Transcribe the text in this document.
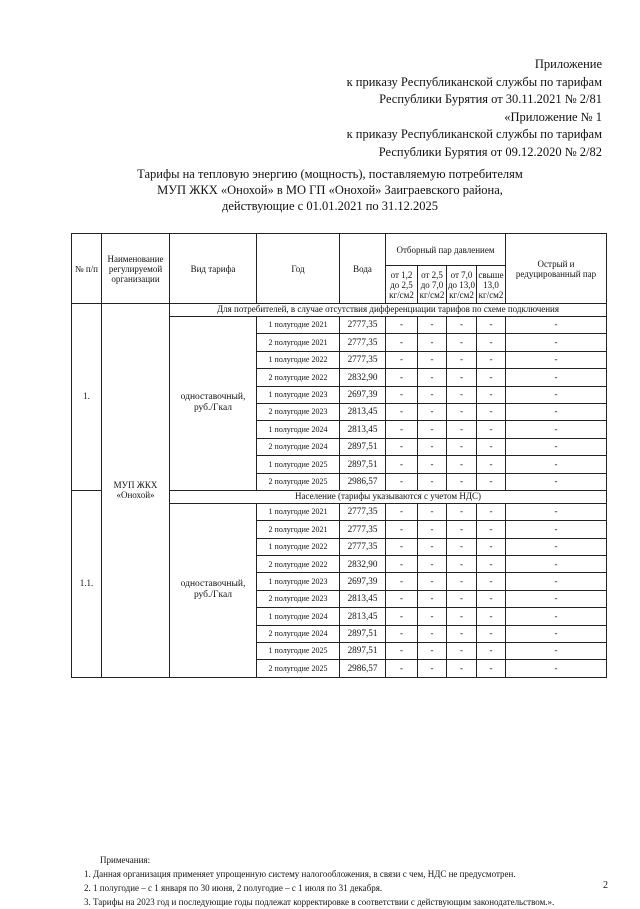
Приложение
к приказу Республиканской службы по тарифам
Республики Бурятия от 30.11.2021 № 2/81
«Приложение № 1
к приказу Республиканской службы по тарифам
Республики Бурятия от 09.12.2020 № 2/82
Тарифы на тепловую энергию (мощность), поставляемую потребителям
МУП ЖКХ «Онохой» в МО ГП «Онохой» Заиграевского района,
действующие с 01.01.2021 по 31.12.2025
№ п/п	Наименование регулируемой организации	Вид тарифа	Год	Вода	Отборный пар давлением				Острый и редуцированный пар
					от 1,2 до 2,5 кг/см2	от 2,5 до 7,0 кг/см2	от 7,0 до 13,0 кг/см2	свыше 13,0 кг/см2	
1.	МУП ЖКХ «Онохой»	Для потребителей, в случае отсутствия дифференциации тарифов по схеме подключения							
		одноставочный, руб./Гкал	1 полугодие 2021	2777,35	-	-	-	-	-
			2 полугодие 2021	2777,35	-	-	-	-	-
			1 полугодие 2022	2777,35	-	-	-	-	-
			2 полугодие 2022	2832,90	-	-	-	-	-
			1 полугодие 2023	2697,39	-	-	-	-	-
			2 полугодие 2023	2813,45	-	-	-	-	-
			1 полугодие 2024	2813,45	-	-	-	-	-
			2 полугодие 2024	2897,51	-	-	-	-	-
			1 полугодие 2025	2897,51	-	-	-	-	-
			2 полугодие 2025	2986,57	-	-	-	-	-
1.1.		Население (тарифы указываются с учетом НДС)							
		одноставочный, руб./Гкал	1 полугодие 2021	2777,35	-	-	-	-	-
			2 полугодие 2021	2777,35	-	-	-	-	-
			1 полугодие 2022	2777,35	-	-	-	-	-
			2 полугодие 2022	2832,90	-	-	-	-	-
			1 полугодие 2023	2697,39	-	-	-	-	-
			2 полугодие 2023	2813,45	-	-	-	-	-
			1 полугодие 2024	2813,45	-	-	-	-	-
			2 полугодие 2024	2897,51	-	-	-	-	-
			1 полугодие 2025	2897,51	-	-	-	-	-
			2 полугодие 2025	2986,57	-	-	-	-	-
Примечания:
1. Данная организация применяет упрощенную систему налогообложения, в связи с чем, НДС не предусмотрен.
2. 1 полугодие – с 1 января по 30 июня, 2 полугодие – с 1 июля по 31 декабря.
3. Тарифы на 2023 год и последующие годы подлежат корректировке в соответствии с действующим законодательством.».
2
